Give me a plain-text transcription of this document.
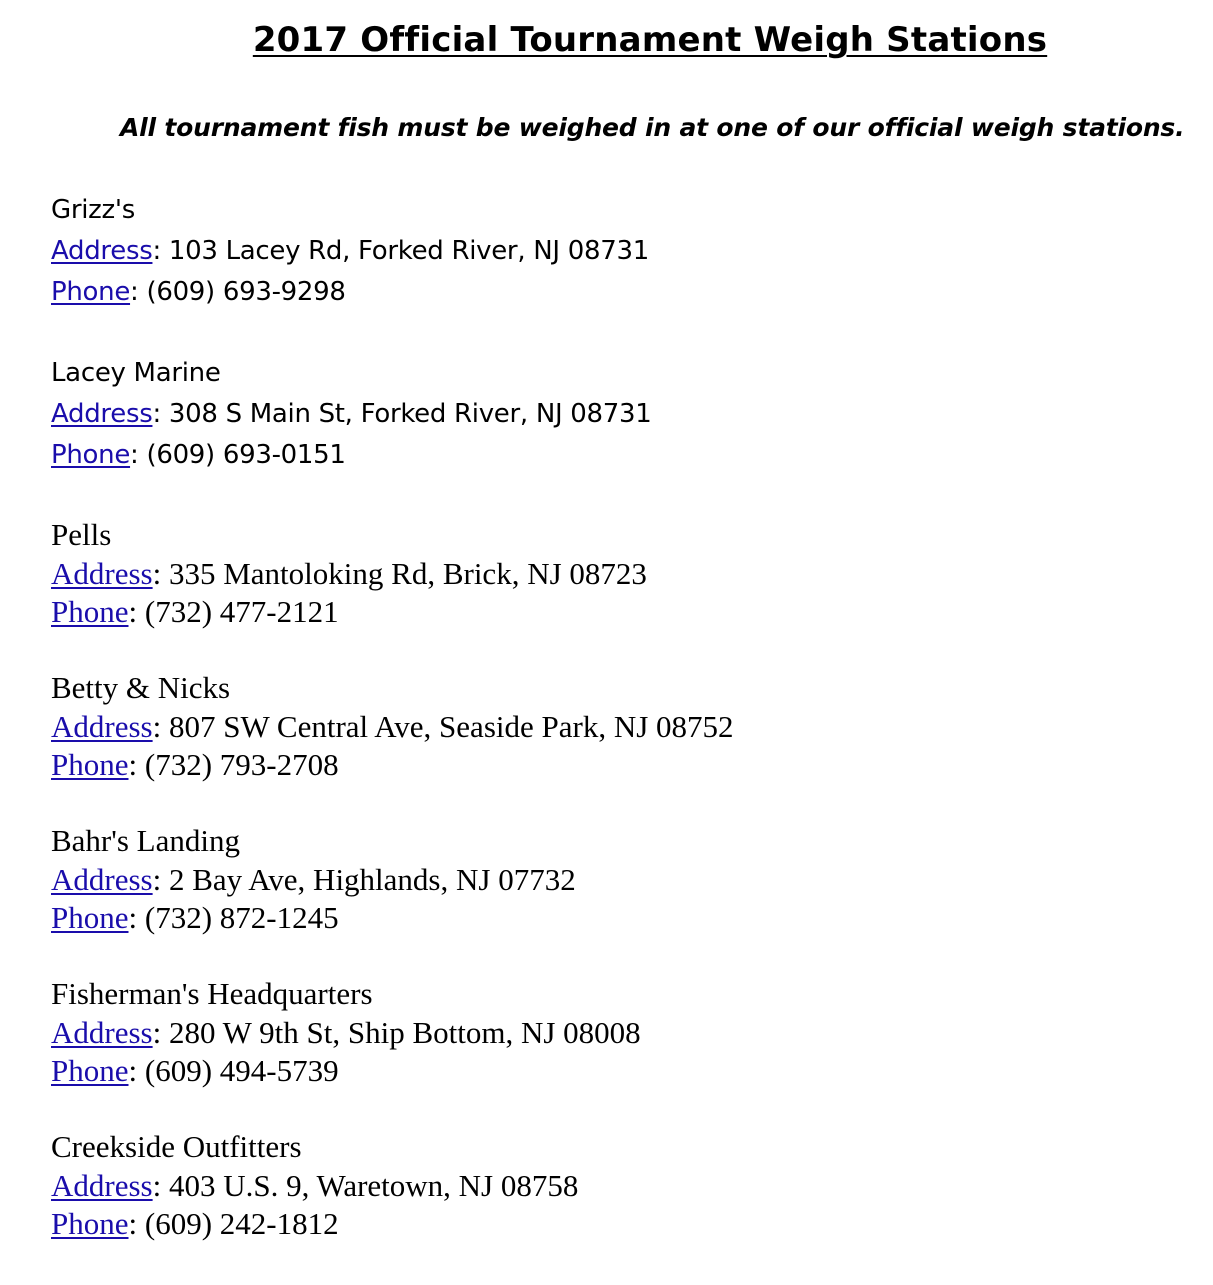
2017 Official Tournament Weigh Stations
All tournament fish must be weighed in at one of our official weigh stations.
Grizz's
Address: 103 Lacey Rd, Forked River, NJ 08731
Phone: (609) 693-9298
Lacey Marine
Address: 308 S Main St, Forked River, NJ 08731
Phone: (609) 693-0151
Pells
Address: 335 Mantoloking Rd, Brick, NJ 08723
Phone: (732) 477-2121
Betty & Nicks
Address: 807 SW Central Ave, Seaside Park, NJ 08752
Phone: (732) 793-2708
Bahr's Landing
Address: 2 Bay Ave, Highlands, NJ 07732
Phone: (732) 872-1245
Fisherman's Headquarters
Address: 280 W 9th St, Ship Bottom, NJ 08008
Phone: (609) 494-5739
Creekside Outfitters
Address: 403 U.S. 9, Waretown, NJ 08758
Phone: (609) 242-1812
